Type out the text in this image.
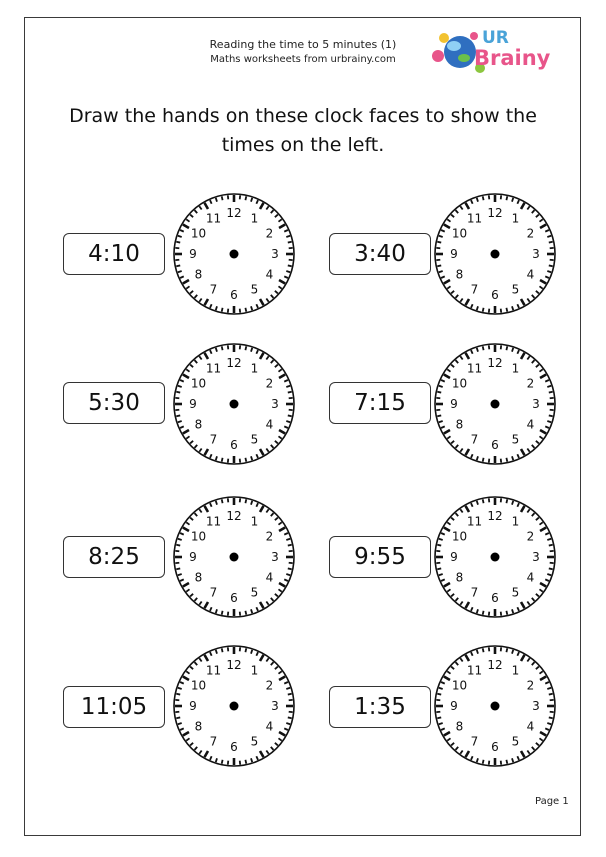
Reading the time to 5 minutes (1)
Maths worksheets from urbrainy.com
UR
Brainy
Draw the hands on these clock faces to show the times on the left.
4:10
12 1
2
3
4
5
6
7
8
9
10
11
3:40
12 1
2
3
4
5
6
7
8
9
10
11
5:30
12 1
2
3
4
5
6
7
8
9
10
11
7:15
12 1
2
3
4
5
6
7
8
9
10
11
8:25
12 1
2
3
4
5
6
7
8
9
10
11
9:55
12 1
2
3
4
5
6
7
8
9
10
11
11:05
12 1
2
3
4
5
6
7
8
9
10
11
1:35
12 1
2
3
4
5
6
7
8
9
10
11
Page 1
